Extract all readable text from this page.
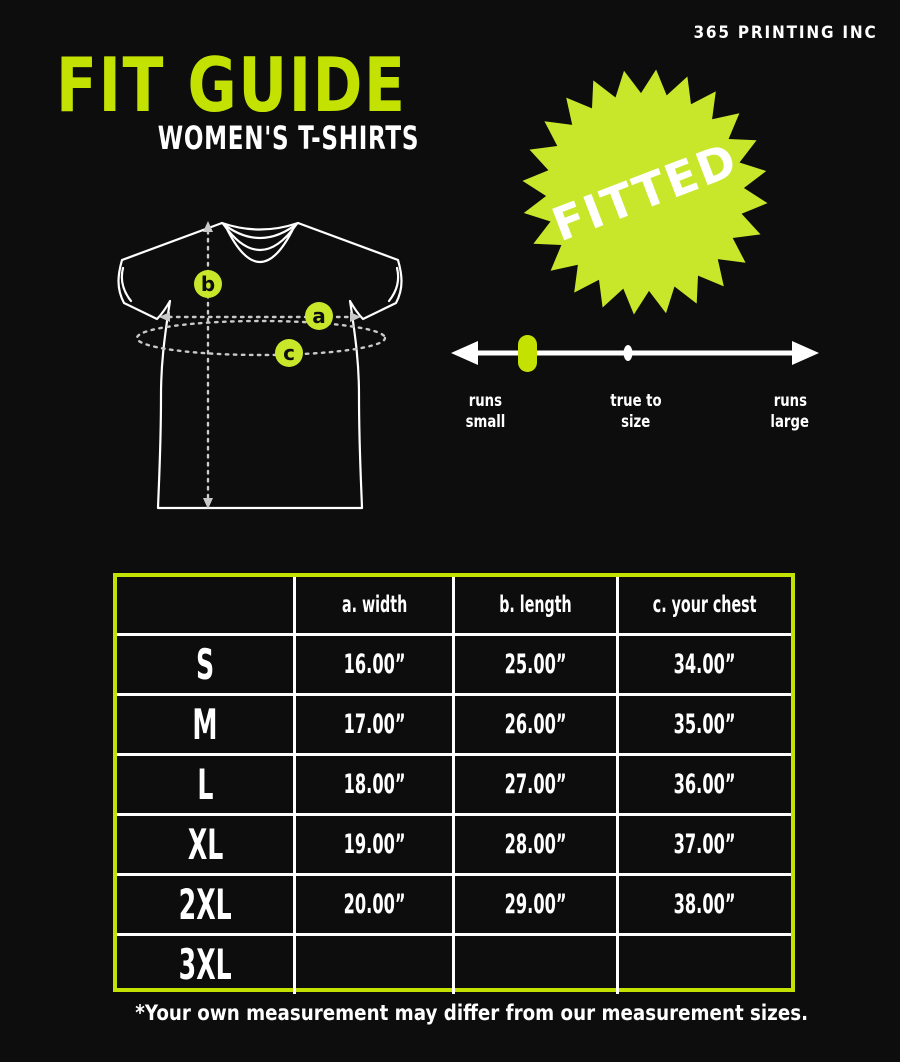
365 PRINTING INC
FIT GUIDE
WOMEN'S T-SHIRTS
a
b
c
FITTED
runs
small
true to
size
runs
large
	a. width	b. length	c. your chest
S	16.00”	25.00”	34.00”
M	17.00”	26.00”	35.00”
L	18.00”	27.00”	36.00”
XL	19.00”	28.00”	37.00”
2XL	20.00”	29.00”	38.00”
3XL			
*Your own measurement may differ from our measurement sizes.
